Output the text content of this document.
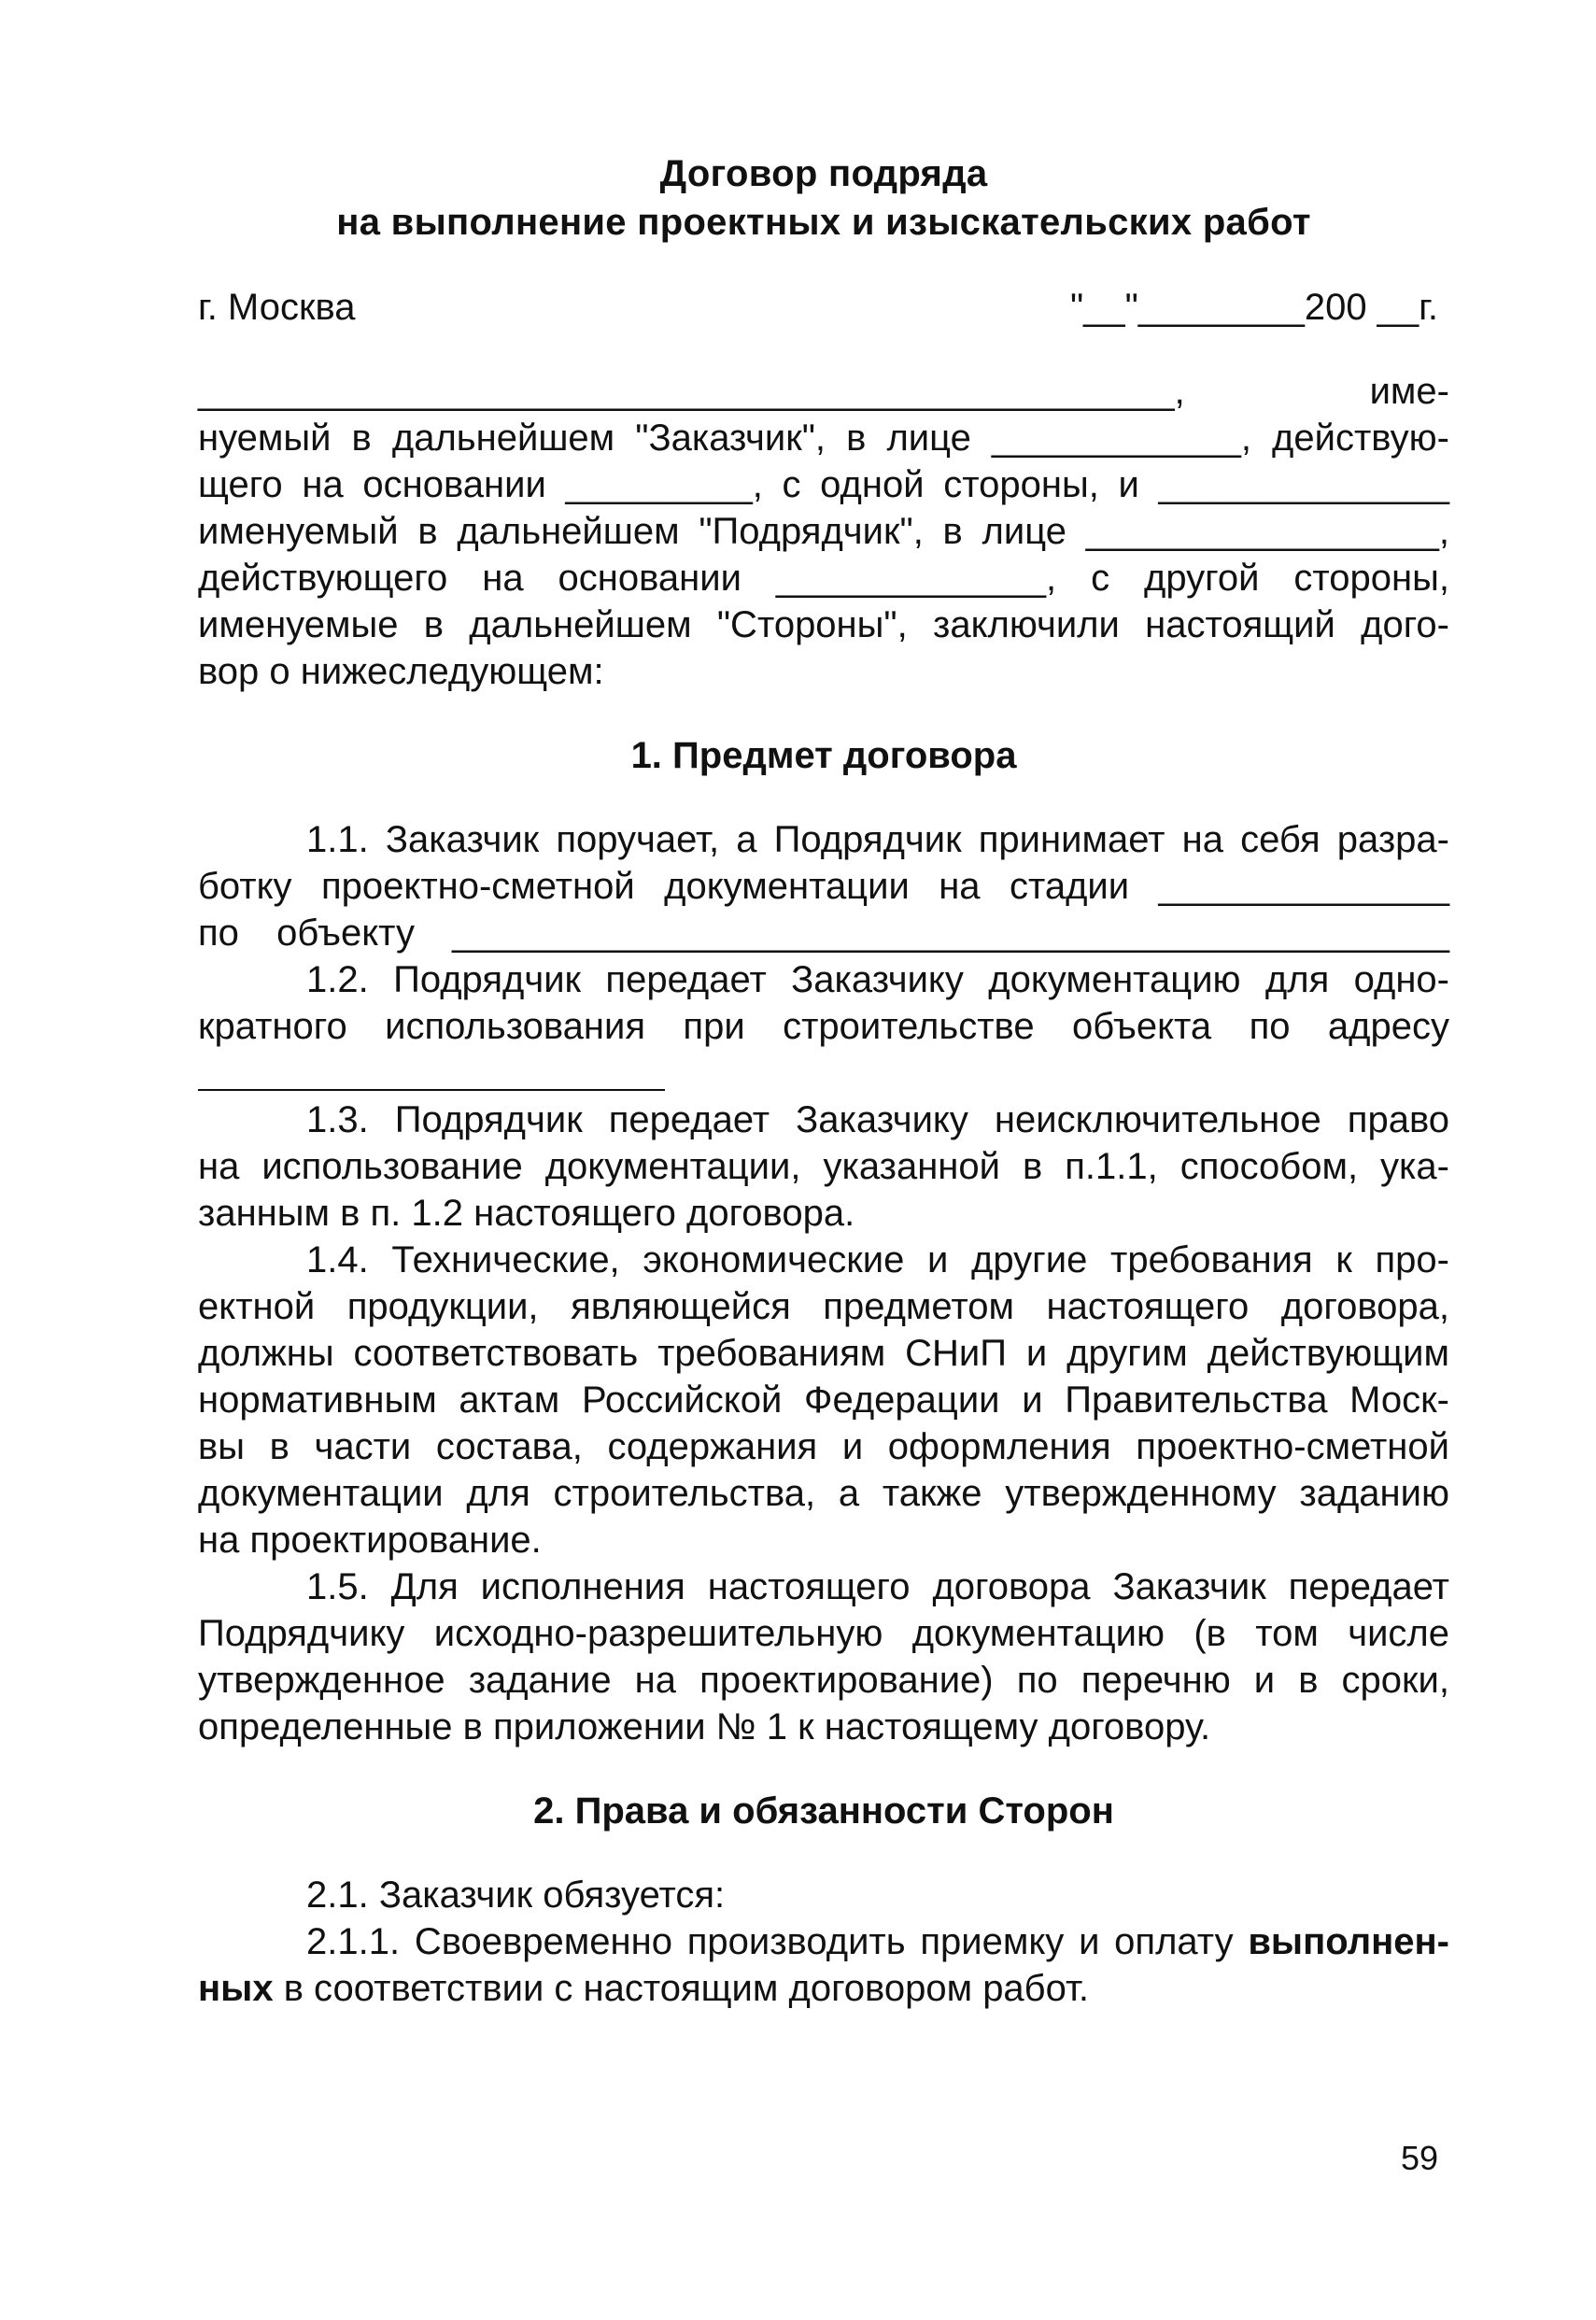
Договор подряда
на выполнение проектных и изыскательских работ
г. Москва	"__"________200 __г.
_______________________________________________, име-
нуемый в дальнейшем "Заказчик", в лице ____________, действую-
щего на основании _________, с одной стороны, и ______________
именуемый в дальнейшем "Подрядчик", в лице _________________,
действующего на основании _____________, с другой стороны,
именуемые в дальнейшем "Стороны", заключили настоящий дого-
вор о нижеследующем:
1. Предмет договора
1.1. Заказчик поручает, а Подрядчик принимает на себя разра-
ботку проектно-сметной документации на стадии ______________
по объекту ________________________________________________
1.2. Подрядчик передает Заказчику документацию для одно-
кратного использования при строительстве объекта по адресу
1.3. Подрядчик передает Заказчику неисключительное право
на использование документации, указанной в п.1.1, способом, ука-
занным в п. 1.2 настоящего договора.
1.4. Технические, экономические и другие требования к про-
ектной продукции, являющейся предметом настоящего договора,
должны соответствовать требованиям СНиП и другим действующим
нормативным актам Российской Федерации и Правительства Моск-
вы в части состава, содержания и оформления проектно-сметной
документации для строительства, а также утвержденному заданию
на проектирование.
1.5. Для исполнения настоящего договора Заказчик передает
Подрядчику исходно-разрешительную документацию (в том числе
утвержденное задание на проектирование) по перечню и в сроки,
определенные в приложении № 1 к настоящему договору.
2. Права и обязанности Сторон
2.1. Заказчик обязуется:
2.1.1. Своевременно производить приемку и оплату выполнен-
ных в соответствии с настоящим договором работ.
59
